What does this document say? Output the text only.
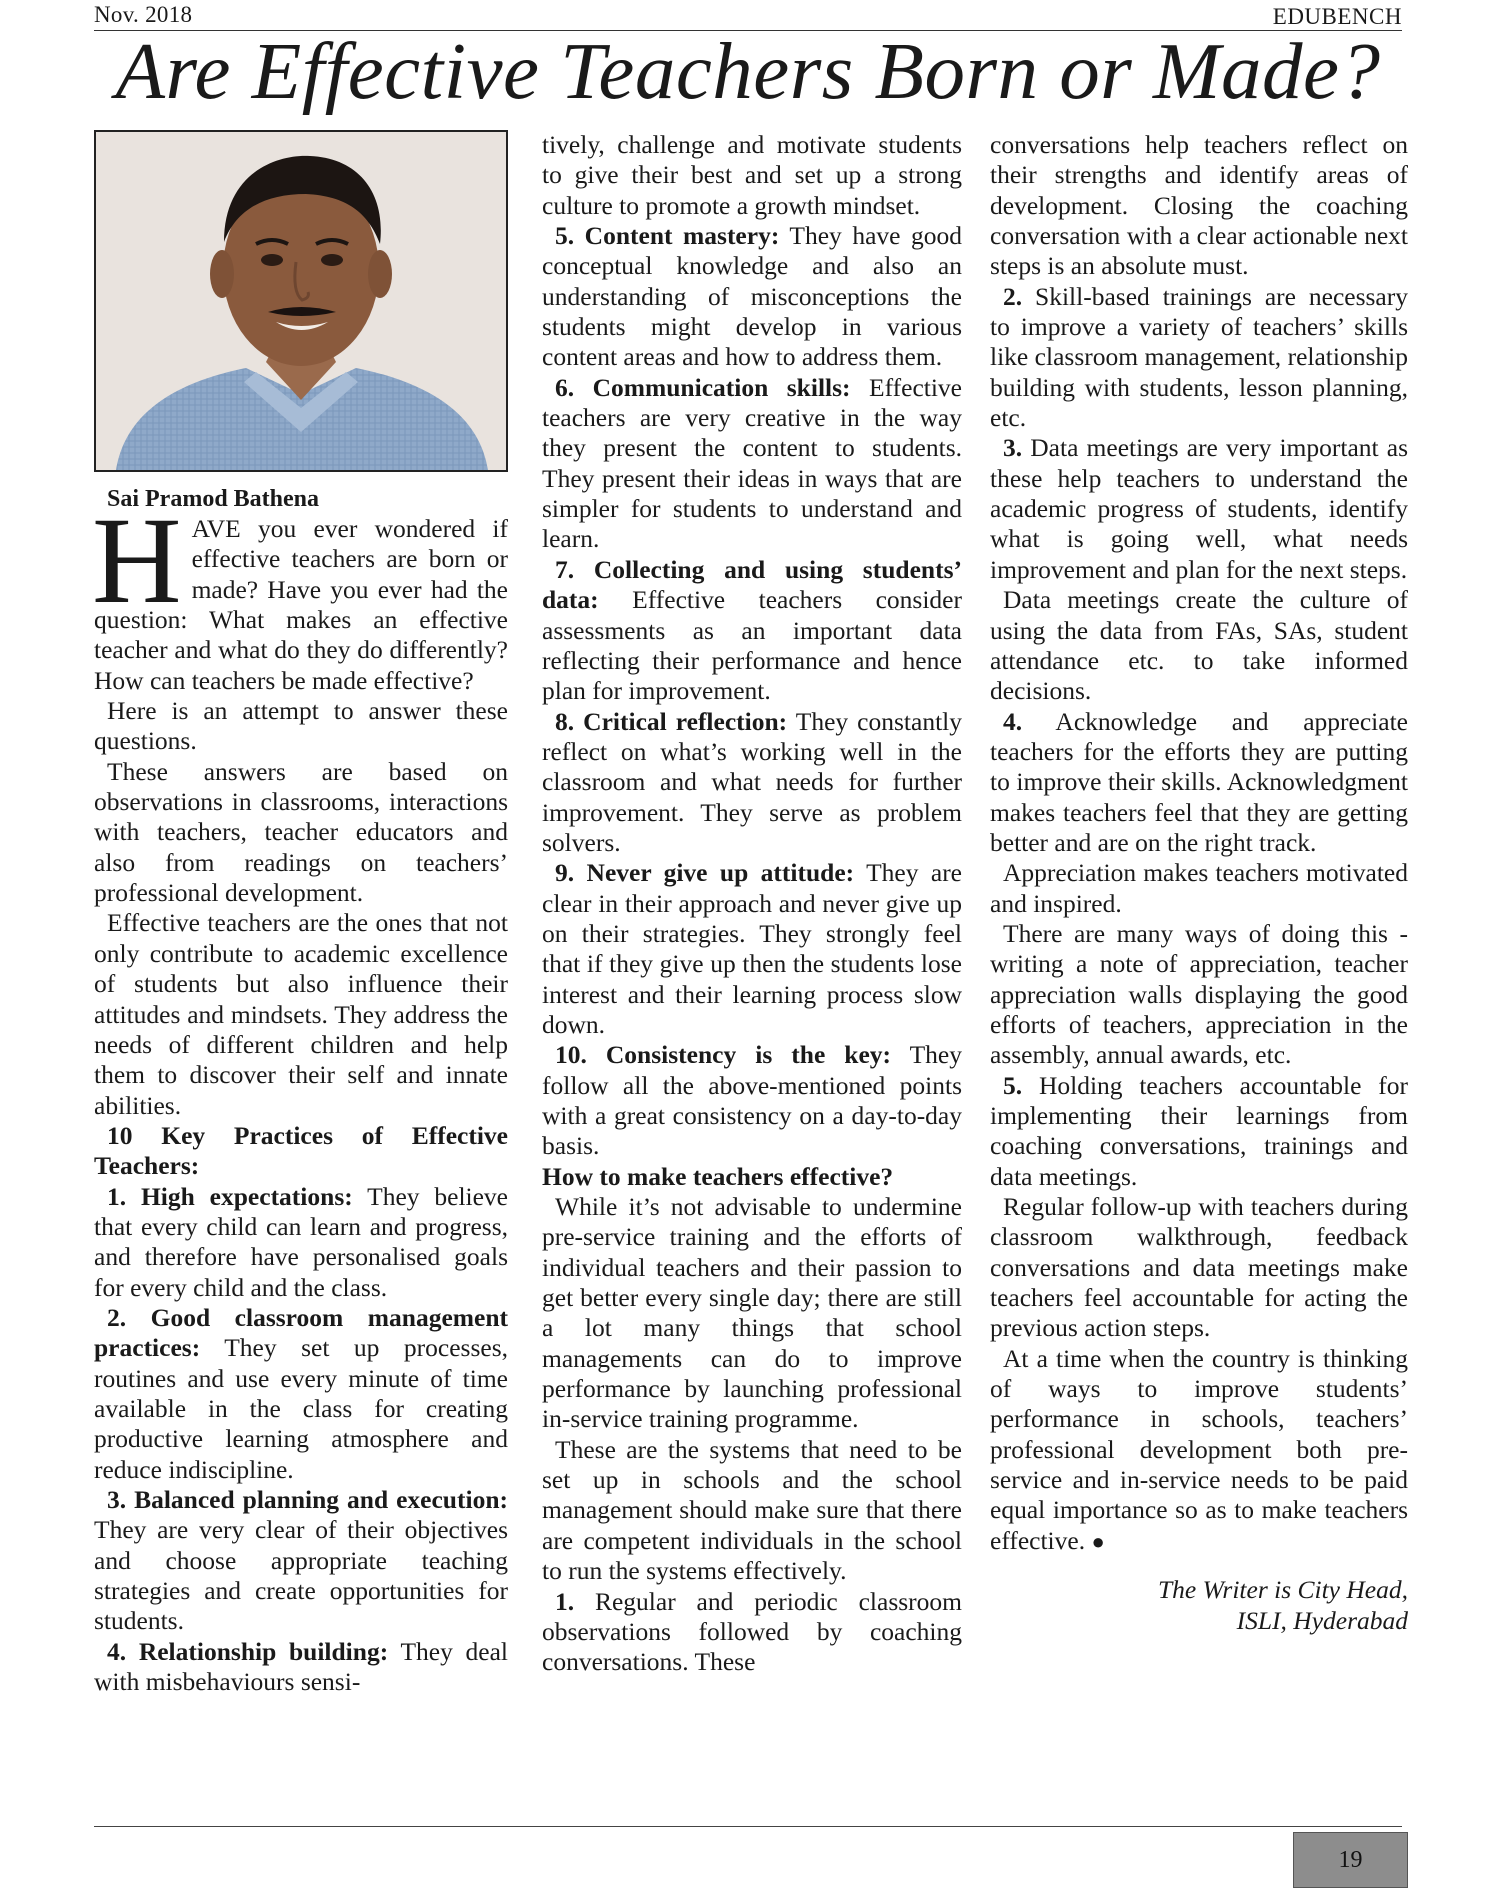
Nov. 2018	EDUBENCH
Are Effective Teachers Born or Made?

Sai Pramod Bathena

HAVE you ever wondered if effective teachers are born or made? Have you ever had the question: What makes an effective teacher and what do they do differently? How can teachers be made effective?

Here is an attempt to answer these questions.

These answers are based on observations in classrooms, interactions with teachers, teacher educators and also from readings on teachers’ professional development.

Effective teachers are the ones that not only contribute to academic excellence of students but also influence their attitudes and mindsets. They address the needs of different children and help them to discover their self and innate abilities.

10 Key Practices of Effective Teachers:

1. High expectations: They believe that every child can learn and progress, and therefore have personalised goals for every child and the class.

2. Good classroom management practices: They set up processes, routines and use every minute of time available in the class for creating productive learning atmosphere and reduce indiscipline.

3. Balanced planning and execution: They are very clear of their objectives and choose appropriate teaching strategies and create opportunities for students.

4. Relationship building: They deal with misbehaviours sensi-

tively, challenge and motivate students to give their best and set up a strong culture to promote a growth mindset.

5. Content mastery: They have good conceptual knowledge and also an understanding of misconceptions the students might develop in various content areas and how to address them.

6. Communication skills: Effective teachers are very creative in the way they present the content to students. They present their ideas in ways that are simpler for students to understand and learn.

7. Collecting and using students’ data: Effective teachers consider assessments as an important data reflecting their performance and hence plan for improvement.

8. Critical reflection: They constantly reflect on what’s working well in the classroom and what needs for further improvement. They serve as problem solvers.

9. Never give up attitude: They are clear in their approach and never give up on their strategies. They strongly feel that if they give up then the students lose interest and their learning process slow down.

10. Consistency is the key: They follow all the above-mentioned points with a great consistency on a day-to-day basis.

How to make teachers effective?

While it’s not advisable to undermine pre-service training and the efforts of individual teachers and their passion to get better every single day; there are still a lot many things that school managements can do to improve performance by launching professional in-service training programme.

These are the systems that need to be set up in schools and the school management should make sure that there are competent individuals in the school to run the systems effectively.

1. Regular and periodic classroom observations followed by coaching conversations. These

conversations help teachers reflect on their strengths and identify areas of development. Closing the coaching conversation with a clear actionable next steps is an absolute must.

2. Skill-based trainings are necessary to improve a variety of teachers’ skills like classroom management, relationship building with students, lesson planning, etc.

3. Data meetings are very important as these help teachers to understand the academic progress of students, identify what is going well, what needs improvement and plan for the next steps.

Data meetings create the culture of using the data from FAs, SAs, student attendance etc. to take informed decisions.

4. Acknowledge and appreciate teachers for the efforts they are putting to improve their skills. Acknowledgment makes teachers feel that they are getting better and are on the right track.

Appreciation makes teachers motivated and inspired.

There are many ways of doing this - writing a note of appreciation, teacher appreciation walls displaying the good efforts of teachers, appreciation in the assembly, annual awards, etc.

5. Holding teachers accountable for implementing their learnings from coaching conversations, trainings and data meetings.

Regular follow-up with teachers during classroom walkthrough, feedback conversations and data meetings make teachers feel accountable for acting the previous action steps.

At a time when the country is thinking of ways to improve students’ performance in schools, teachers’ professional development both pre-service and in-service needs to be paid equal importance so as to make teachers effective. ●

The Writer is City Head,
ISLI, Hyderabad
19
